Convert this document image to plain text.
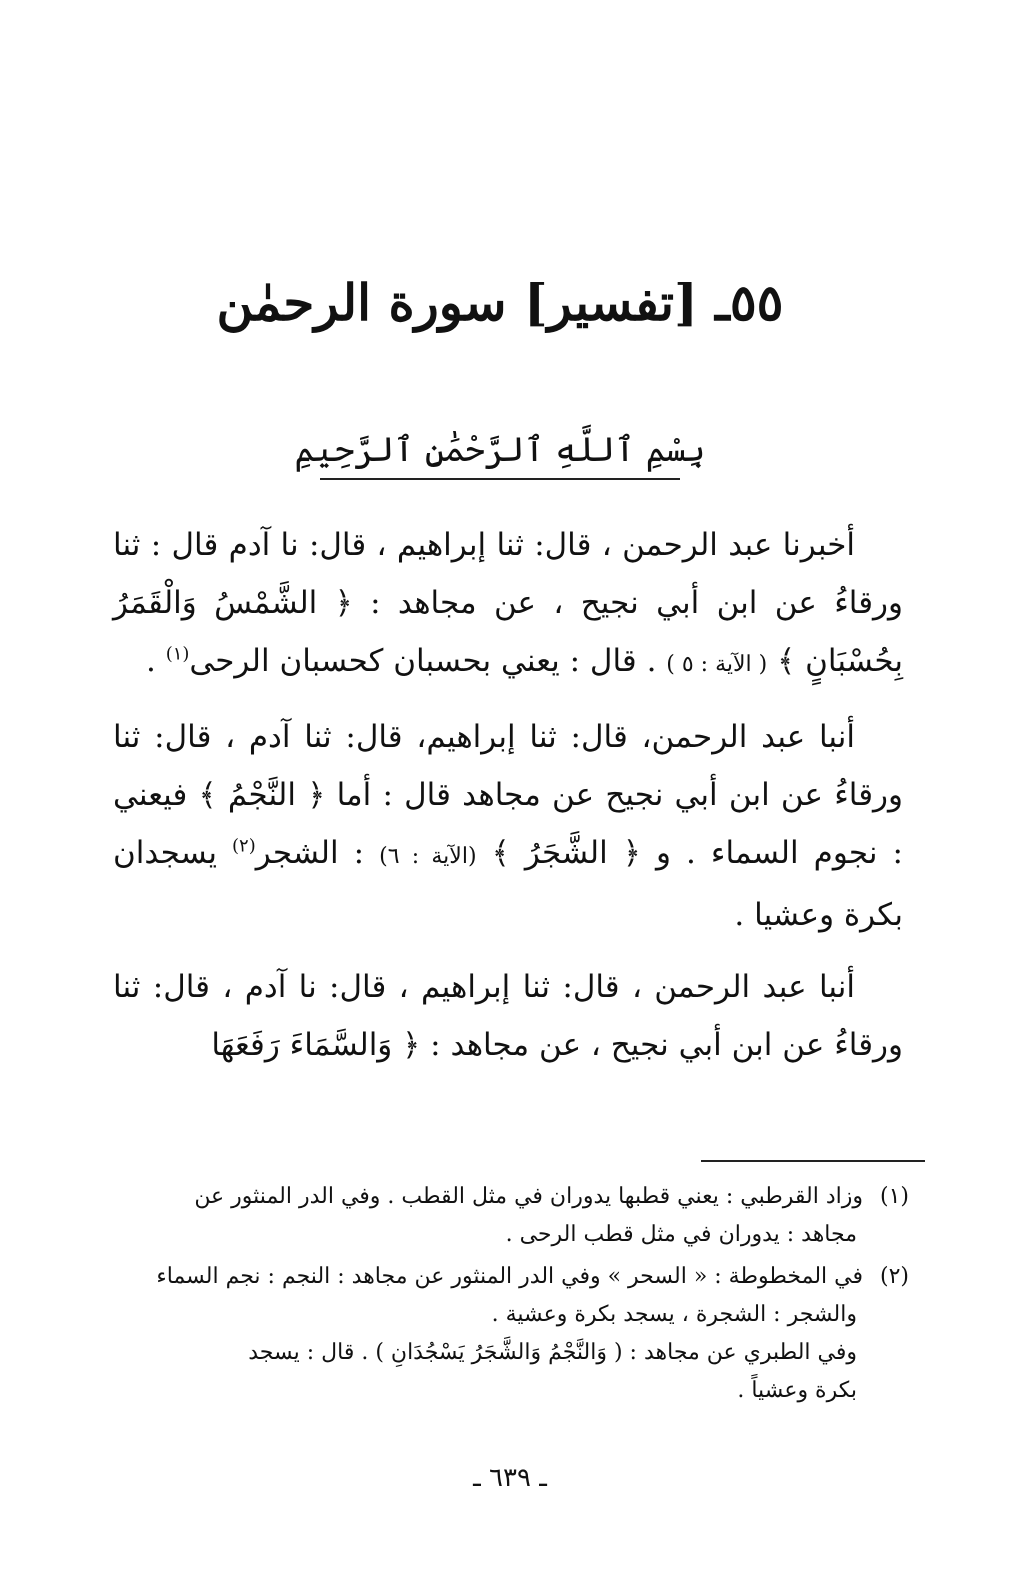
٥٥ـ [تفسير] سورة الرحمٰن
بِسْمِ ٱللَّهِ ٱلرَّحْمَٰنِ ٱلرَّحِيمِ

أخبرنا عبد الرحمن ، قال: ثنا إبراهيم ، قال: نا آدم قال : ثنا ورقاءُ عن ابن أبي نجيح ، عن مجاهد : ﴿ الشَّمْسُ وَالْقَمَرُ بِحُسْبَانٍ ﴾ ( الآية : ٥ ) . قال : يعني بحسبان كحسبان الرحى$^{(١)}$ .

أنبا عبد الرحمن، قال: ثنا إبراهيم، قال: ثنا آدم ، قال: ثنا ورقاءُ عن ابن أبي نجيح عن مجاهد قال : أما ﴿ النَّجْمُ ﴾ فيعني : نجوم السماء . و ﴿ الشَّجَرُ ﴾ (الآية : ٦) : الشجر$^{(٢)}$ يسجدان بكرة وعشيا .

أنبا عبد الرحمن ، قال: ثنا إبراهيم ، قال: نا آدم ، قال: ثنا ورقاءُ عن ابن أبي نجيح ، عن مجاهد : ﴿ وَالسَّمَاءَ رَفَعَهَا

(١) وزاد القرطبي : يعني قطبها يدوران في مثل القطب . وفي الدر المنثور عن
مجاهد : يدوران في مثل قطب الرحى .
(٢) في المخطوطة : « السحر » وفي الدر المنثور عن مجاهد : النجم : نجم السماء
والشجر : الشجرة ، يسجد بكرة وعشية .
وفي الطبري عن مجاهد : ( وَالنَّجْمُ وَالشَّجَرُ يَسْجُدَانِ ) . قال : يسجد
بكرة وعشياً .
ـ ٦٣٩ ـ
